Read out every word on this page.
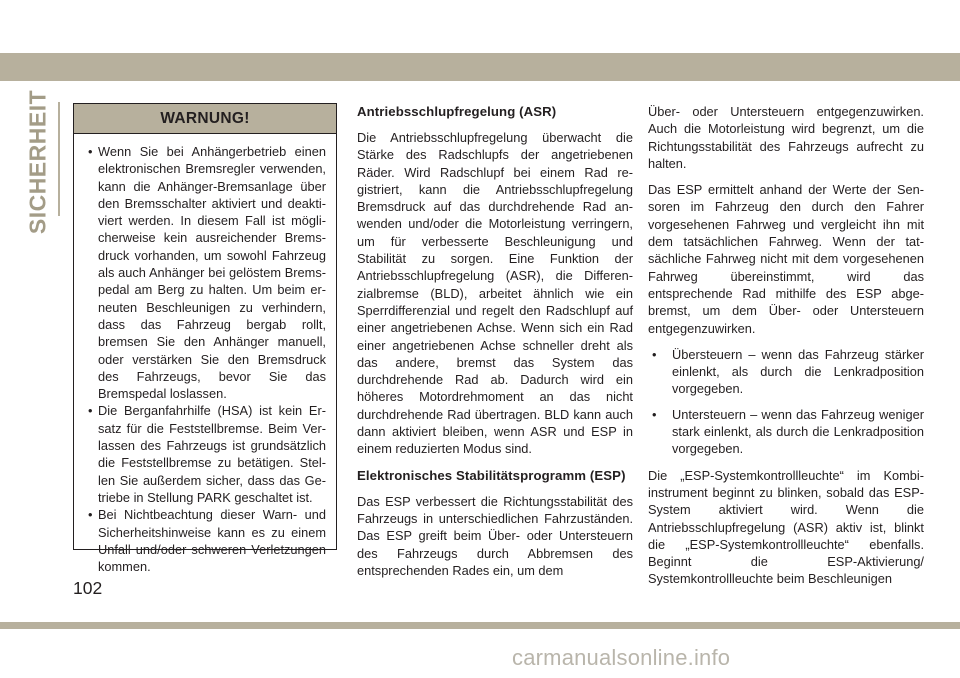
SICHERHEIT	WARNUNG!
• Wenn Sie bei Anhängerbetrieb einen elektronischen Bremsregler verwenden, kann die Anhänger-Bremsanlage über den Bremsschalter aktiviert und deaktiviert werden. In diesem Fall ist möglicherweise kein ausreichender Bremsdruck vorhanden, um sowohl Fahrzeug als auch Anhänger bei gelöstem Bremspedal am Berg zu halten. Um beim erneuten Beschleunigen zu verhindern, dass das Fahrzeug bergab rollt, bremsen Sie den Anhänger manuell, oder verstärken Sie den Bremsdruck des Fahrzeugs, bevor Sie das Bremspedal loslassen.
• Die Berganfahrhilfe (HSA) ist kein Ersatz für die Feststellbremse. Beim Verlassen des Fahrzeugs ist grundsätzlich die Feststellbremse zu betätigen. Stellen Sie außerdem sicher, dass das Getriebe in Stellung PARK geschaltet ist.
• Bei Nichtbeachtung dieser Warn- und Sicherheitshinweise kann es zu einem Unfall und/oder schweren Verletzungen kommen.
Antriebsschlupfregelung (ASR)

Die Antriebsschlupfregelung überwacht die Stärke des Radschlupfs der angetriebenen Räder. Wird Radschlupf bei einem Rad registriert, kann die Antriebsschlupfregelung Bremsdruck auf das durchdrehende Rad anwenden und/oder die Motorleistung verringern, um für verbesserte Beschleunigung und Stabilität zu sorgen. Eine Funktion der Antriebsschlupfregelung (ASR), die Differenzialbremse (BLD), arbeitet ähnlich wie ein Sperrdifferenzial und regelt den Radschlupf auf einer angetriebenen Achse. Wenn sich ein Rad einer angetriebenen Achse schneller dreht als das andere, bremst das System das durchdrehende Rad ab. Dadurch wird ein höheres Motordrehmoment an das nicht durchdrehende Rad übertragen. BLD kann auch dann aktiviert bleiben, wenn ASR und ESP in einem reduzierten Modus sind.

Elektronisches Stabilitätsprogramm (ESP)

Das ESP verbessert die Richtungsstabilität des Fahrzeugs in unterschiedlichen Fahrzuständen. Das ESP greift beim Über- oder Untersteuern des Fahrzeugs durch Abbremsen des entsprechenden Rades ein, um dem

Über- oder Untersteuern entgegenzuwirken. Auch die Motorleistung wird begrenzt, um die Richtungsstabilität des Fahrzeugs aufrecht zu halten.

Das ESP ermittelt anhand der Werte der Sensoren im Fahrzeug den durch den Fahrer vorgesehenen Fahrweg und vergleicht ihn mit dem tatsächlichen Fahrweg. Wenn der tatsächliche Fahrweg nicht mit dem vorgesehenen Fahrweg übereinstimmt, wird das entsprechende Rad mithilfe des ESP abgebremst, um dem Über- oder Untersteuern entgegenzuwirken.

• Übersteuern – wenn das Fahrzeug stärker einlenkt, als durch die Lenkradposition vorgegeben.
• Untersteuern – wenn das Fahrzeug weniger stark einlenkt, als durch die Lenkradposition vorgegeben.

Die „ESP-Systemkontrollleuchte“ im Kombiinstrument beginnt zu blinken, sobald das ESP-System aktiviert wird. Wenn die Antriebsschlupfregelung (ASR) aktiv ist, blinkt die „ESP-Systemkontrollleuchte“ ebenfalls. Beginnt die ESP-Aktivierung/ Systemkontrollleuchte beim Beschleunigen

102
carmanualsonline.info
